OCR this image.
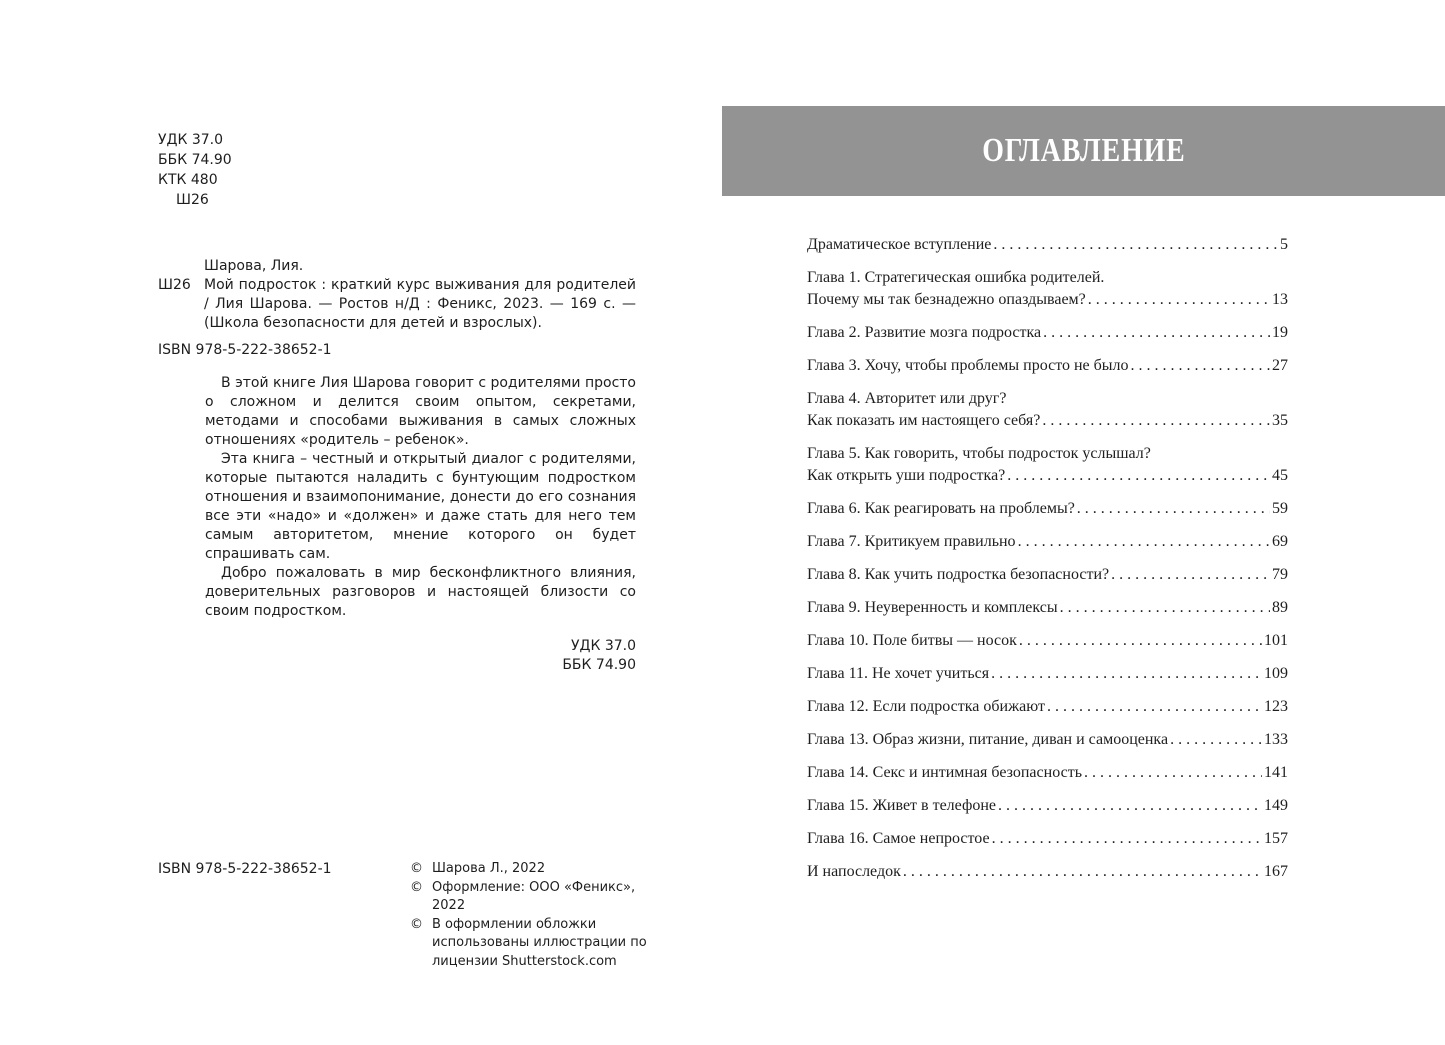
УДК 37.0
ББК 74.90
КТК 480
Ш26
Шарова, Лия.
Ш26 Мой подросток : краткий курс выживания для родителей / Лия Шарова. — Ростов н/Д : Феникс, 2023. — 169 с. — (Школа безопасности для детей и взрослых).
ISBN 978-5-222-38652-1

В этой книге Лия Шарова говорит с родителями просто о сложном и делится своим опытом, секретами, методами и способами выживания в самых сложных отношениях «родитель – ребенок».

Эта книга – честный и открытый диалог с родителями, которые пытаются наладить с бунтующим подростком отношения и взаимопонимание, донести до его сознания все эти «надо» и «должен» и даже стать для него тем самым авторитетом, мнение которого он будет спрашивать сам.

Добро пожаловать в мир бесконфликтного влияния, доверительных разговоров и настоящей близости со своим подростком.

УДК 37.0
ББК 74.90
ISBN 978-5-222-38652-1	© Шарова Л., 2022
© Оформление: ООО «Феникс», 2022
© В оформлении обложки использованы иллюстрации по лицензии Shutterstock.com
ОГЛАВЛЕНИЕ
Драматическое вступление . . .	5
Глава 1. Стратегическая ошибка родителей.
Почему мы так безнадежно опаздываем? . . .	13
Глава 2. Развитие мозга подростка . . .	19
Глава 3. Хочу, чтобы проблемы просто не было . . .	27
Глава 4. Авторитет или друг?
Как показать им настоящего себя? . . .	35
Глава 5. Как говорить, чтобы подросток услышал?
Как открыть уши подростка? . . .	45
Глава 6. Как реагировать на проблемы? . . .	59
Глава 7. Критикуем правильно . . .	69
Глава 8. Как учить подростка безопасности? . . .	79
Глава 9. Неуверенность и комплексы . . .	89
Глава 10. Поле битвы — носок . . .	101
Глава 11. Не хочет учиться . . .	109
Глава 12. Если подростка обижают . . .	123
Глава 13. Образ жизни, питание, диван и самооценка . . .	133
Глава 14. Секс и интимная безопасность . . .	141
Глава 15. Живет в телефоне . . .	149
Глава 16. Самое непростое . . .	157
И напоследок . . .	167
